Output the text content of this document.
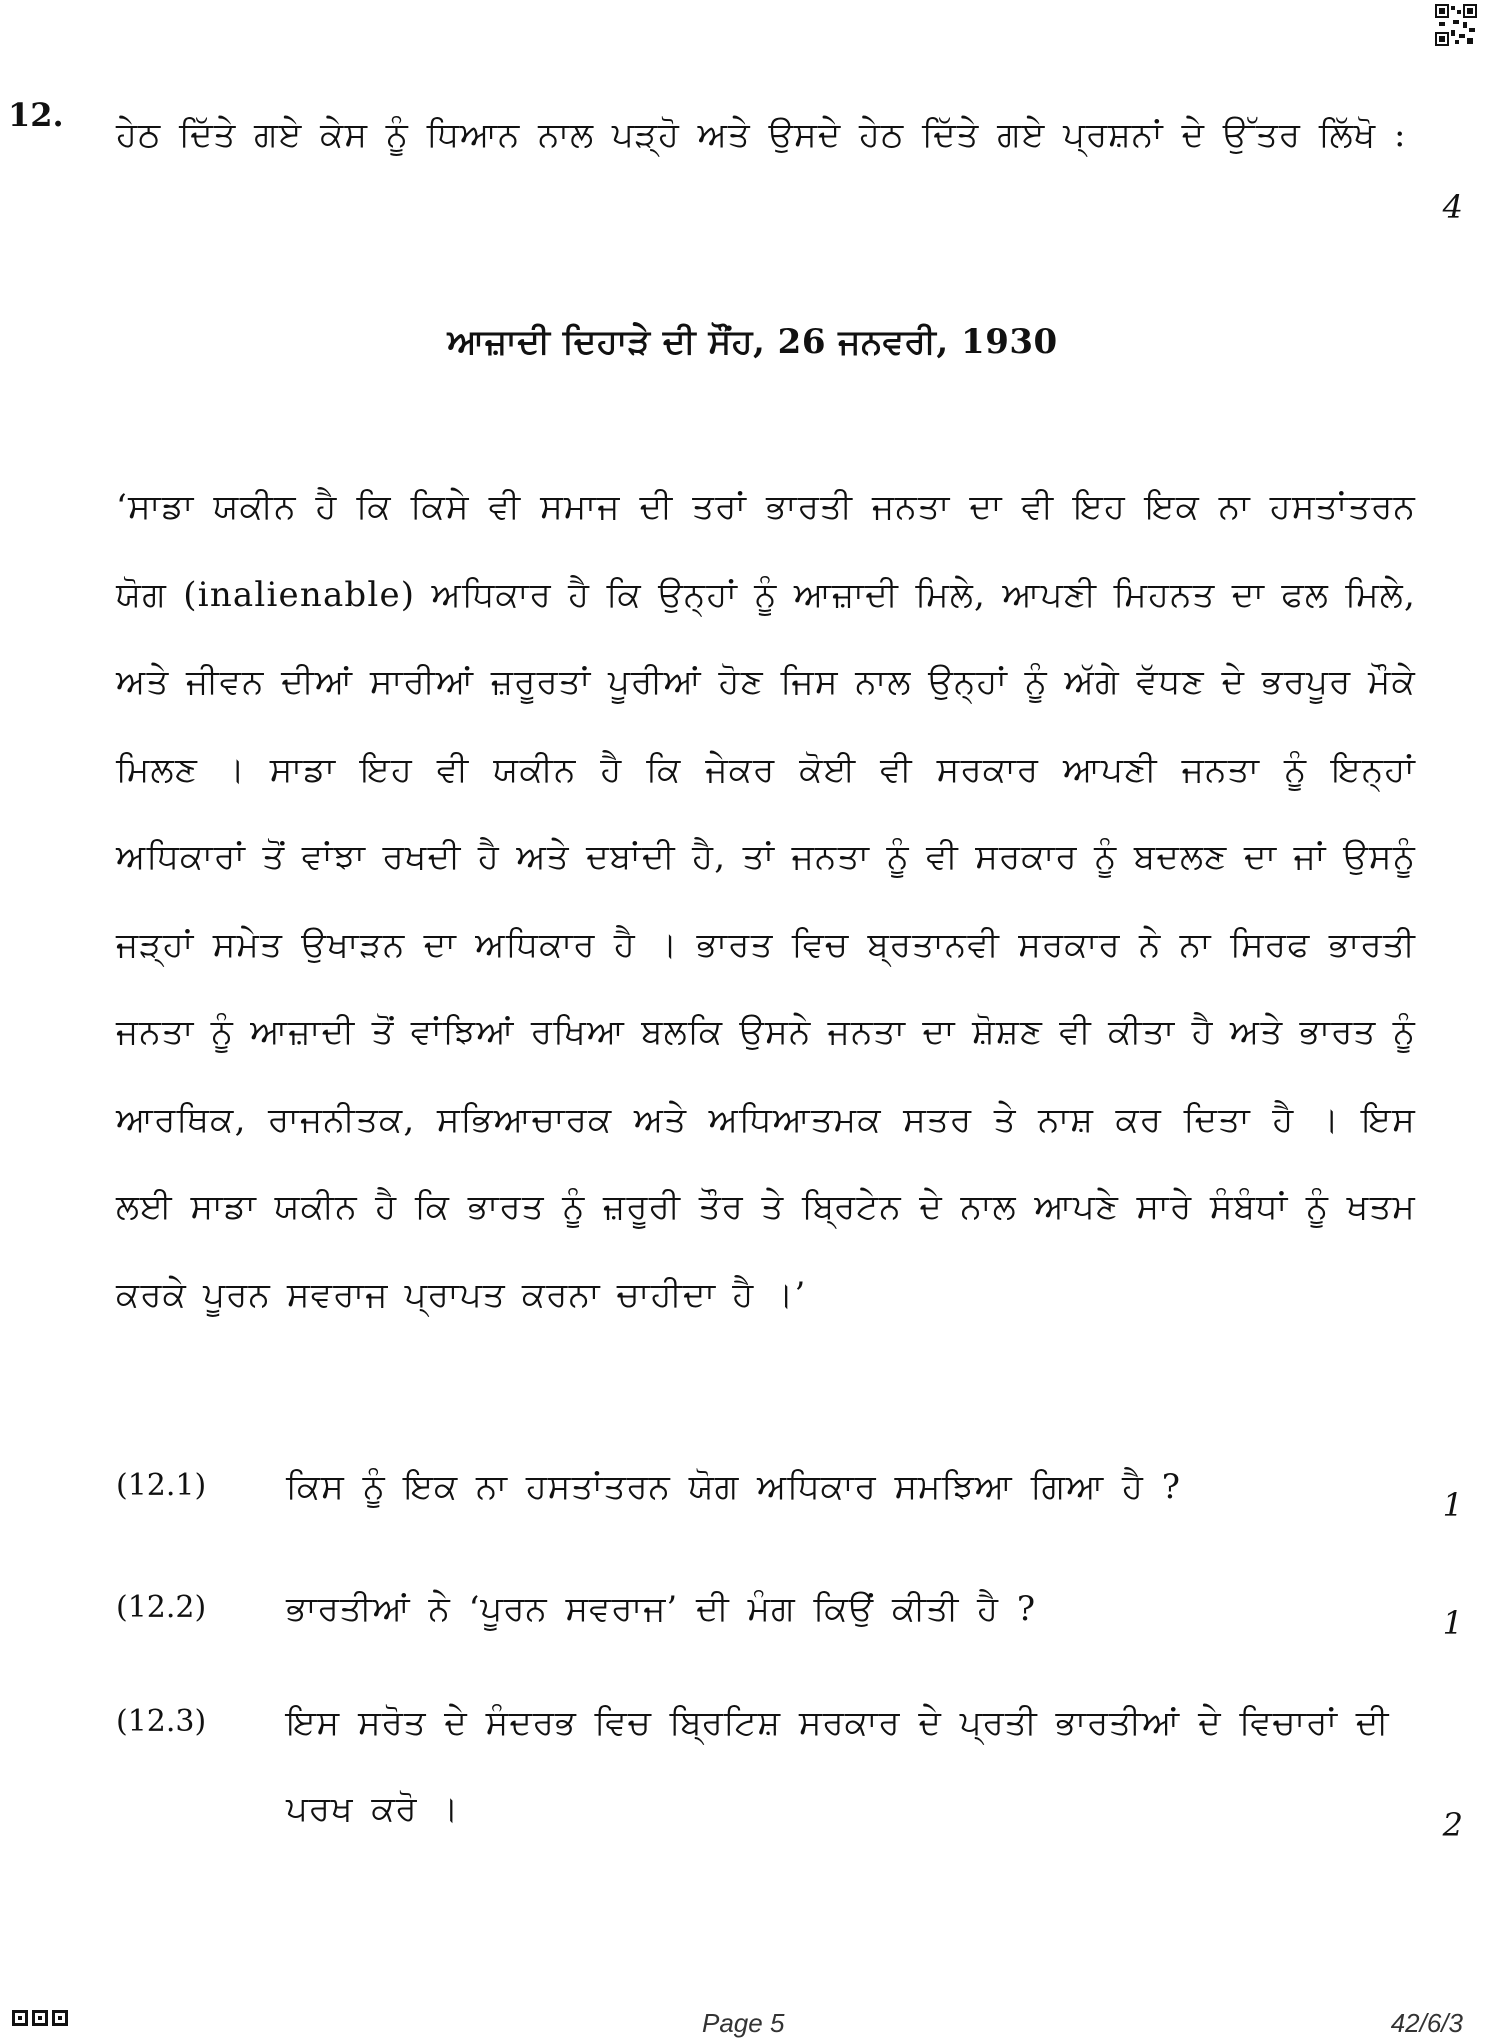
12. ਹੇਠ ਦਿੱਤੇ ਗਏ ਕੇਸ ਨੂੰ ਧਿਆਨ ਨਾਲ ਪੜ੍ਹੋ ਅਤੇ ਉਸਦੇ ਹੇਠ ਦਿੱਤੇ ਗਏ ਪ੍ਰਸ਼ਨਾਂ ਦੇ ਉੱਤਰ ਲਿੱਖੋ :
4
ਆਜ਼ਾਦੀ ਦਿਹਾੜੇ ਦੀ ਸੌਂਹ, 26 ਜਨਵਰੀ, 1930
‘ਸਾਡਾ ਯਕੀਨ ਹੈ ਕਿ ਕਿਸੇ ਵੀ ਸਮਾਜ ਦੀ ਤਰਾਂ ਭਾਰਤੀ ਜਨਤਾ ਦਾ ਵੀ ਇਹ ਇਕ ਨਾ ਹਸਤਾਂਤਰਨ ਯੋਗ (inalienable) ਅਧਿਕਾਰ ਹੈ ਕਿ ਉਨ੍ਹਾਂ ਨੂੰ ਆਜ਼ਾਦੀ ਮਿਲੇ, ਆਪਣੀ ਮਿਹਨਤ ਦਾ ਫਲ ਮਿਲੇ, ਅਤੇ ਜੀਵਨ ਦੀਆਂ ਸਾਰੀਆਂ ਜ਼ਰੂਰਤਾਂ ਪੂਰੀਆਂ ਹੋਣ ਜਿਸ ਨਾਲ ਉਨ੍ਹਾਂ ਨੂੰ ਅੱਗੇ ਵੱਧਣ ਦੇ ਭਰਪੂਰ ਮੌਕੇ ਮਿਲਣ । ਸਾਡਾ ਇਹ ਵੀ ਯਕੀਨ ਹੈ ਕਿ ਜੇਕਰ ਕੋਈ ਵੀ ਸਰਕਾਰ ਆਪਣੀ ਜਨਤਾ ਨੂੰ ਇਨ੍ਹਾਂ ਅਧਿਕਾਰਾਂ ਤੋਂ ਵਾਂਝਾ ਰਖਦੀ ਹੈ ਅਤੇ ਦਬਾਂਦੀ ਹੈ, ਤਾਂ ਜਨਤਾ ਨੂੰ ਵੀ ਸਰਕਾਰ ਨੂੰ ਬਦਲਣ ਦਾ ਜਾਂ ਉਸਨੂੰ ਜੜ੍ਹਾਂ ਸਮੇਤ ਉਖਾੜਨ ਦਾ ਅਧਿਕਾਰ ਹੈ । ਭਾਰਤ ਵਿਚ ਬ੍ਰਤਾਨਵੀ ਸਰਕਾਰ ਨੇ ਨਾ ਸਿਰਫ ਭਾਰਤੀ ਜਨਤਾ ਨੂੰ ਆਜ਼ਾਦੀ ਤੋਂ ਵਾਂਝਿਆਂ ਰਖਿਆ ਬਲਕਿ ਉਸਨੇ ਜਨਤਾ ਦਾ ਸ਼ੋਸ਼ਣ ਵੀ ਕੀਤਾ ਹੈ ਅਤੇ ਭਾਰਤ ਨੂੰ ਆਰਥਿਕ, ਰਾਜਨੀਤਕ, ਸਭਿਆਚਾਰਕ ਅਤੇ ਅਧਿਆਤਮਕ ਸਤਰ ਤੇ ਨਾਸ਼ ਕਰ ਦਿਤਾ ਹੈ । ਇਸ ਲਈ ਸਾਡਾ ਯਕੀਨ ਹੈ ਕਿ ਭਾਰਤ ਨੂੰ ਜ਼ਰੂਰੀ ਤੌਰ ਤੇ ਬ੍ਰਿਟੇਨ ਦੇ ਨਾਲ ਆਪਣੇ ਸਾਰੇ ਸੰਬੰਧਾਂ ਨੂੰ ਖਤਮ ਕਰਕੇ ਪੂਰਨ ਸਵਰਾਜ ਪ੍ਰਾਪਤ ਕਰਨਾ ਚਾਹੀਦਾ ਹੈ ।’
(12.1) ਕਿਸ ਨੂੰ ਇਕ ਨਾ ਹਸਤਾਂਤਰਨ ਯੋਗ ਅਧਿਕਾਰ ਸਮਝਿਆ ਗਿਆ ਹੈ ?	1
(12.2) ਭਾਰਤੀਆਂ ਨੇ ‘ਪੂਰਨ ਸਵਰਾਜ’ ਦੀ ਮੰਗ ਕਿਉਂ ਕੀਤੀ ਹੈ ?	1
(12.3) ਇਸ ਸਰੋਤ ਦੇ ਸੰਦਰਭ ਵਿਚ ਬ੍ਰਿਟਿਸ਼ ਸਰਕਾਰ ਦੇ ਪ੍ਰਤੀ ਭਾਰਤੀਆਂ ਦੇ ਵਿਚਾਰਾਂ ਦੀ ਪਰਖ ਕਰੋ ।	2
Page 5	42/6/3
